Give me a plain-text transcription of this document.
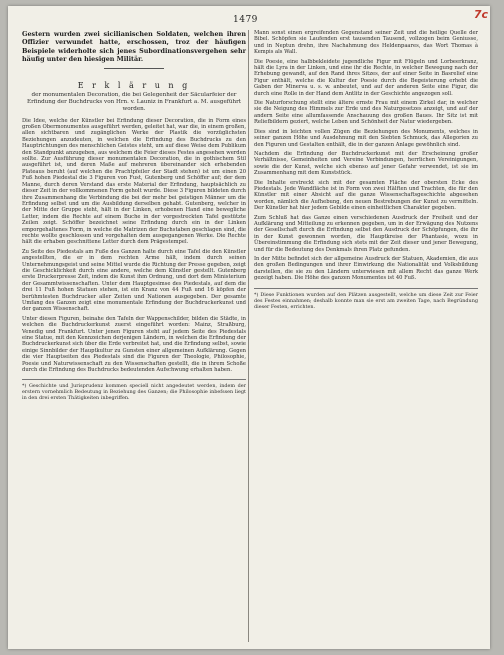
7c
1479

Gestern wurden zwei sicilianischen Soldaten, welchen ihren Offizier verwundet hatte, erschossen, troz der häufigen Beispiele widerholte sich jenes Subordinationsvergehen sehr häufig unter den hiesigen Militär.

E r k l ä r u n g
der monumentalen Decoration, die bei Gelegenheit der Säcularfeier der Erfindung der Buchdrucks von Hrn. v. Launiz in Frankfurt a. M. ausgeführt worden.

Die Idee, welche der Künstler bei Erfindung dieser Decoration, die in Form eines großen Obermonumentes ausgeführt werden, geleitet hat, war die, in einem großen, allen sichtbaren und zugänglichen Werke der Plastik die vorzüglichsten Beziehungen anzudeuten, in welchen die Erfindung des Buchdrucks zu den Hauptrichtungen des menschlichen Geistes steht, um auf diese Weise dem Publikum den Standpunkt anzugeben, aus welchem die Feier dieses Festes angesehen werden sollte. Zur Ausführung dieser monumentalen Decoration, die in gothischem Stil ausgeführt ist, und deren Maße auf mehreren übereinander sich erhebenden Plateaus beruht (auf welchen die Prachtpfeiler der Stadt stehen) ist um einen 20 Fuß hohen Piedestal die 3 Figuren von Fust, Gutenberg und Schöffer auf; der dem Manne, durch deren Verstand das erste Material der Erfindung, hauptsächlich zu dieser Zeit in der vollkommenen Form geholt wurde. Diese 3 Figuren bildeten durch ihre Zusammenhang die Verbindung die bei der mehr bei geistigen Männer um die Erfindung selbst und um die Ausbildung derselben gehabt. Gutenberg, welcher in der Mitte der Gruppe steht, hält in der Linken, erhobenen Hand eine bewegliche Letter, indem die Rechte auf einem Buche in der vorgestreckten Tafel gestützte Zeilen zeigt. Schöffer bezeichnet seine Erfindung durch ein in der Linken emporgehaltenes Form, in welche die Matrizen der Buchstaben geschlagen sind, die rechte wollte geschlossen und vorgehalten dem ausgegangenen Werke. Die Rechte hält die erhaben geschnittene Letter durch dem Prägestempel.

Zu Seite des Piedestals am Fuße des Ganzen halte durch eine Tafel die den Künstler angestellten, die er in dem rechten Arme hält, indem durch seinen Unternehmungsgeist und seine Mittel wurde die Richtung der Presse gegeben, zeigt die Geschicklichkeit durch eine andere, welche dem Künstler gestellt. Gutenberg erste Druckerpresse Zeit, indem die Kunst ihm Ordnung, und dort dem Ministerium der Gesammtwissenschaften. Unter dem Hauptgesimse des Piedestals, auf dem die drei 11 Fuß hohen Statuen stehen, ist ein Kranz von 44 Fuß und 16 köpfen der berühmtesten Buchdrucker aller Zeiten und Nationen ausgegeben. Der gesamte Umfang des Ganzen zeigt eine monumentale Erfindung der Buchdruckerkunst und der ganzen Wissenschaft.

Unter diesen Figuren, beinahe den Tafeln der Wappenschilder, bilden die Städte, in welchen die Buchdruckerkunst zuerst eingeführt worden: Mainz, Straßburg, Venedig und Frankfurt. Unter jenen Figuren steht auf jedem Seite des Piedestals eine Statue, mit den Kennzeichen derjenigen Ländern, in welchen die Erfindung der Buchdruckerkunst sich über die Erde verbreitet hat, und die Erfindung selbst, sowie einige Sinnbilder der Hauptkultur zu Gunsten einer allgemeinen Aufklärung. Gegen die vier Hauptseiten des Piedestals sind die Figuren der Theologie, Philosophie, Poesie und Naturwissenschaft zu den Wissenschaften gestellt, die in ihrem Schoße durch die Erfindung des Buchdrucks bedeutenden Aufschwung erhalten haben.

*) Geschichte und Jurisprudenz kommen speciell nicht angedeutet werden, indem der erstern vornehmlich Bedeutung in Beziehung des Ganzen; die Philosophie inbefssen liegt in den drei ersten Thätigkeiten inbegriffen.

Mann sonst einen ergreifenden Gegenstand seiner Zeit und die heilige Quelle der Bibel. Schöpfen sie Laufenden erst tausenden Tausend, vollzogen beim Geniusse, und in Neptun drehn, ihre Nachahmung des Heldenpaares, das Wort Thomas à Kempis als Wall.

Die Poesie, eine halbbekleidete jugendliche Figur mit Flügeln und Lorbeerkranz, hält die Lyra in der Linken, und eine ihr die Rechte, in welcher Bewegung nach der Erhebung gewandt, auf den Rand ihres Sitzes, der auf einer Seite in Basrelief eine Figur enthält, welche die Kultur der Poesie durch die Begeisterung erhebt die Gaben der Minerva u. s. w. anbeutet, und auf der anderen Seite eine Figur, die durch eine Rolle in der Hand dem Antlitz in der Geschichte angezogen soll.

Die Naturforschung stellt eine ältere ernste Frau mit einem Zirkel dar, in welcher sie die Neigung des Himmels zur Erde und des Naturgesetzes anzeigt, und auf der andern Seite eine allumfassende Anschauung des großen Baues. Ihr Sitz ist mit Reliefbildern geziert, welche Leben und Schönheit der Natur wiedergeben.

Dies sind in leichten vollen Zügen die Beziehungen des Monuments, welches in seiner ganzen Höhe und Ausdehnung mit den Siebten Schmuck, das Allegorien zu den Figuren und Gestalten enthält, die in der ganzen Anlage gewöhnlich sind.

Nachdem die Erfindung der Buchdruckerkunst mit der Erscheinung großer Verhältnisse, Gemeinheiten und Vereine Verbindungen, herrlichen Vereinigungen, sowie die der Kunst, welche sich ebenso auf jener Gefahr verwendet, ist sie im Zusammenhang mit dem Kunststück.

Die Inhalte erstreckt sich mit der gesamten Fläche der obersten Ecke des Piedestals. Jede Wandfläche ist in Form von zwei Hälften und Trachten, die für den Künstler mit einer Absicht auf die ganze Wissenschaftsgeschichte abgesehen worden, nämlich die Aufhebung, den neuen Bestrebungen der Kunst zu vermitteln. Der Künstler hat hier jedem Gebilde einen einheitlichen Charakter gegeben.

Zum Schluß hat das Ganze einen verschiedenen Ausdruck der Freiheit und der Aufklärung und Mitteilung zu erkennen gegeben, um in der Erwägung des Nutzens der Gesellschaft durch die Erfindung selbst den Ausdruck der Schöpfungen, die ihr in der Kunst gewonnen worden, die Hauptkreise der Phantasie, wozu in Übereinstimmung die Erfindung sich stets mit der Zeit dieser und jener Bewegung, und für die Bedeutung des Denkmals ihren Platz gefunden.

In der Mitte befindet sich der allgemeine Ausdruck der Statuen, Akademien, die aus den großen Bedingungen und ihrer Einwirkung die Nationalität und Volksbildung darstellen, die sie zu den Ländern unterwiesen mit allem Recht das ganze Werk gezeigt haben. Die Höhe des ganzen Monumentes ist 40 Fuß.

*) Diese Funktionen wurden auf den Plätzen ausgestellt, welche um diese Zeit zur Feier des Festes einnahmen; deshalb konnte man sie erst am zweiten Tage, nach Begründung dieser Festen, errichten.
